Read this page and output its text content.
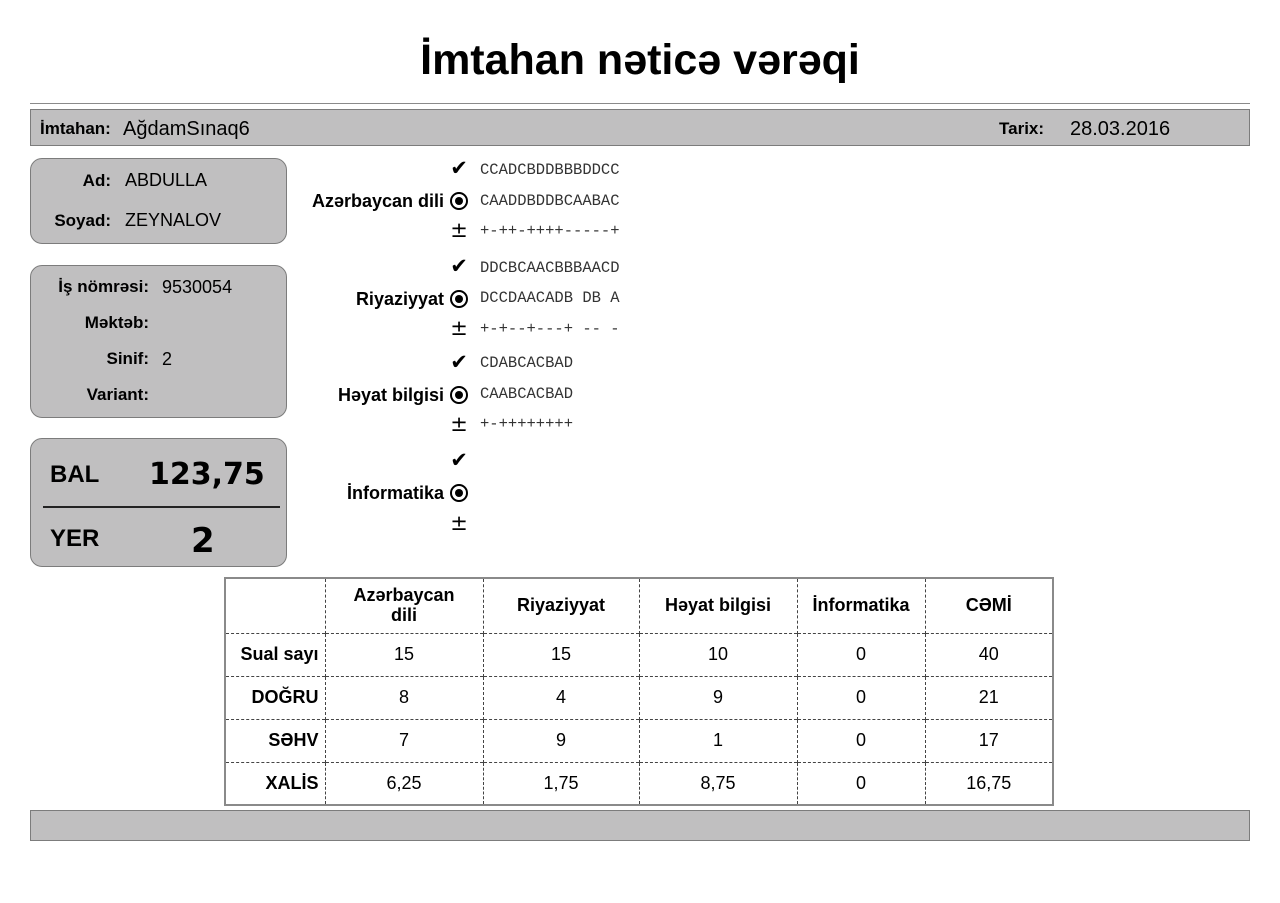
İmtahan nəticə vərəqi
İmtahan: AğdamSınaq6	Tarix: 28.03.2016
Ad: ABDULLA
Soyad: ZEYNALOV
İş nömrəsi: 9530054
Məktəb:
Sinif: 2
Variant:
BAL 123,75
YER	2
Azərbaycan dili
✔ CCADCBDDBBBDDCC
CAADDBDDBCAABAC
± +-++-++++-----+
Riyaziyyat
✔ DDCBCAACBBBAACD
DCCDAACADB DB A
± +-+--+---+ -- -
Həyat bilgisi
✔ CDABCACBAD
CAABCACBAD
± +-++++++++
İnformatika
✔
±
	Azərbaycan dili	Riyaziyyat	Həyat bilgisi	İnformatika	CƏMİ
Sual sayı	15	15	10	0	40
DOĞRU	8	4	9	0	21
SƏHV	7	9	1	0	17
XALİS	6,25	1,75	8,75	0	16,75
